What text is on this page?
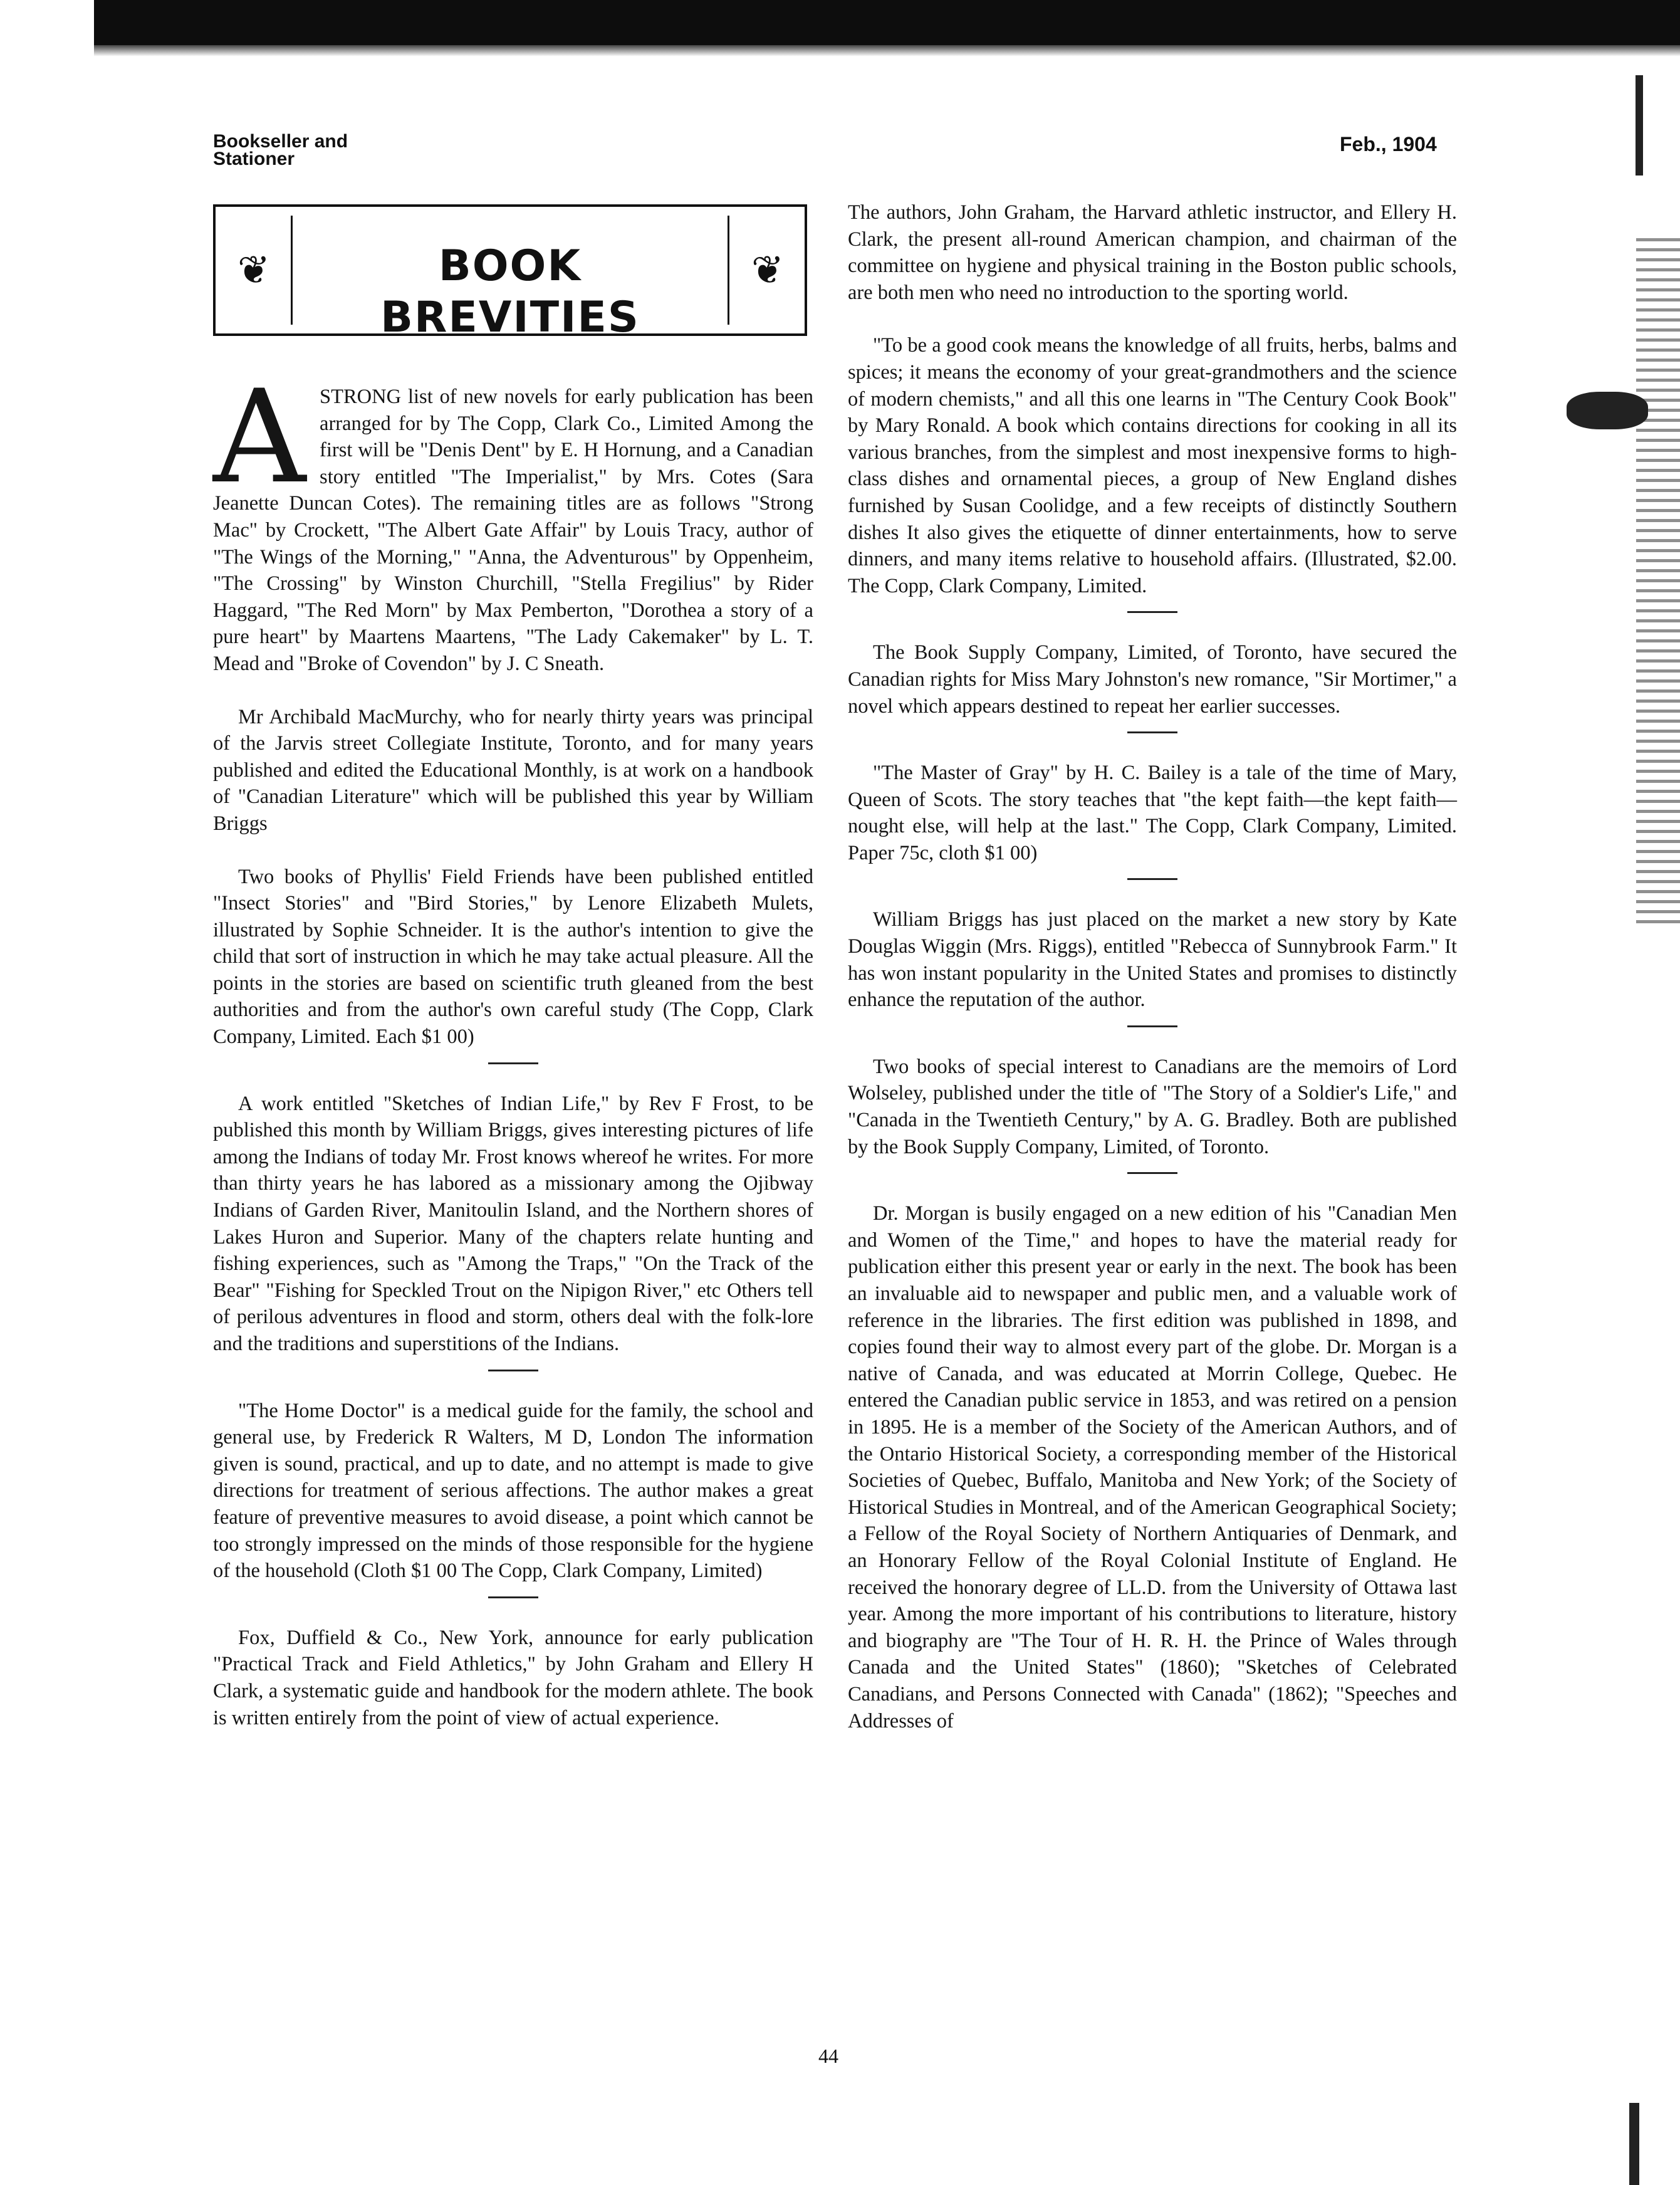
Bookseller and
Stationer
Feb., 1904
❦	BOOK
BREVITIES
❦

ASTRONG list of new novels for early publication has been arranged for by The Copp, Clark Co., Limited Among the first will be "Denis Dent" by E. H Hornung, and a Canadian story entitled "The Imperialist," by Mrs. Cotes (Sara Jeanette Duncan Cotes). The remaining titles are as follows "Strong Mac" by Crockett, "The Albert Gate Affair" by Louis Tracy, author of "The Wings of the Morning," "Anna, the Adventurous" by Oppenheim, "The Crossing" by Winston Churchill, "Stella Fregilius" by Rider Haggard, "The Red Morn" by Max Pemberton, "Dorothea a story of a pure heart" by Maartens Maartens, "The Lady Cakemaker" by L. T. Mead and "Broke of Covendon" by J. C Sneath.

Mr Archibald MacMurchy, who for nearly thirty years was principal of the Jarvis street Collegiate Institute, Toronto, and for many years published and edited the Educational Monthly, is at work on a handbook of "Canadian Literature" which will be published this year by William Briggs

Two books of Phyllis' Field Friends have been published entitled "Insect Stories" and "Bird Stories," by Lenore Elizabeth Mulets, illustrated by Sophie Schneider. It is the author's intention to give the child that sort of instruction in which he may take actual pleasure. All the points in the stories are based on scientific truth gleaned from the best authorities and from the author's own careful study (The Copp, Clark Company, Limited. Each $1 00)

A work entitled "Sketches of Indian Life," by Rev F Frost, to be published this month by William Briggs, gives interesting pictures of life among the Indians of today Mr. Frost knows whereof he writes. For more than thirty years he has labored as a missionary among the Ojibway Indians of Garden River, Manitoulin Island, and the Northern shores of Lakes Huron and Superior. Many of the chapters relate hunting and fishing experiences, such as "Among the Traps," "On the Track of the Bear" "Fishing for Speckled Trout on the Nipigon River," etc Others tell of perilous adventures in flood and storm, others deal with the folk-lore and the traditions and superstitions of the Indians.

"The Home Doctor" is a medical guide for the family, the school and general use, by Frederick R Walters, M D, London The information given is sound, practical, and up to date, and no attempt is made to give directions for treatment of serious affections. The author makes a great feature of preventive measures to avoid disease, a point which cannot be too strongly impressed on the minds of those responsible for the hygiene of the household (Cloth $1 00 The Copp, Clark Company, Limited)

Fox, Duffield & Co., New York, announce for early publication "Practical Track and Field Athletics," by John Graham and Ellery H Clark, a systematic guide and handbook for the modern athlete. The book is written entirely from the point of view of actual experience.

The authors, John Graham, the Harvard athletic instructor, and Ellery H. Clark, the present all-round American champion, and chairman of the committee on hygiene and physical training in the Boston public schools, are both men who need no introduction to the sporting world.

"To be a good cook means the knowledge of all fruits, herbs, balms and spices; it means the economy of your great-grandmothers and the science of modern chemists," and all this one learns in "The Century Cook Book" by Mary Ronald. A book which contains directions for cooking in all its various branches, from the simplest and most inexpensive forms to high-class dishes and ornamental pieces, a group of New England dishes furnished by Susan Coolidge, and a few receipts of distinctly Southern dishes It also gives the etiquette of dinner entertainments, how to serve dinners, and many items relative to household affairs. (Illustrated, $2.00. The Copp, Clark Company, Limited.

The Book Supply Company, Limited, of Toronto, have secured the Canadian rights for Miss Mary Johnston's new romance, "Sir Mortimer," a novel which appears destined to repeat her earlier successes.

"The Master of Gray" by H. C. Bailey is a tale of the time of Mary, Queen of Scots. The story teaches that "the kept faith—the kept faith—nought else, will help at the last." The Copp, Clark Company, Limited. Paper 75c, cloth $1 00)

William Briggs has just placed on the market a new story by Kate Douglas Wiggin (Mrs. Riggs), entitled "Rebecca of Sunnybrook Farm." It has won instant popularity in the United States and promises to distinctly enhance the reputation of the author.

Two books of special interest to Canadians are the memoirs of Lord Wolseley, published under the title of "The Story of a Soldier's Life," and "Canada in the Twentieth Century," by A. G. Bradley. Both are published by the Book Supply Company, Limited, of Toronto.

Dr. Morgan is busily engaged on a new edition of his "Canadian Men and Women of the Time," and hopes to have the material ready for publication either this present year or early in the next. The book has been an invaluable aid to newspaper and public men, and a valuable work of reference in the libraries. The first edition was published in 1898, and copies found their way to almost every part of the globe. Dr. Morgan is a native of Canada, and was educated at Morrin College, Quebec. He entered the Canadian public service in 1853, and was retired on a pension in 1895. He is a member of the Society of the American Authors, and of the Ontario Historical Society, a corresponding member of the Historical Societies of Quebec, Buffalo, Manitoba and New York; of the Society of Historical Studies in Montreal, and of the American Geographical Society; a Fellow of the Royal Society of Northern Antiquaries of Denmark, and an Honorary Fellow of the Royal Colonial Institute of England. He received the honorary degree of LL.D. from the University of Ottawa last year. Among the more important of his contributions to literature, history and biography are "The Tour of H. R. H. the Prince of Wales through Canada and the United States" (1860); "Sketches of Celebrated Canadians, and Persons Connected with Canada" (1862); "Speeches and Addresses of

44
